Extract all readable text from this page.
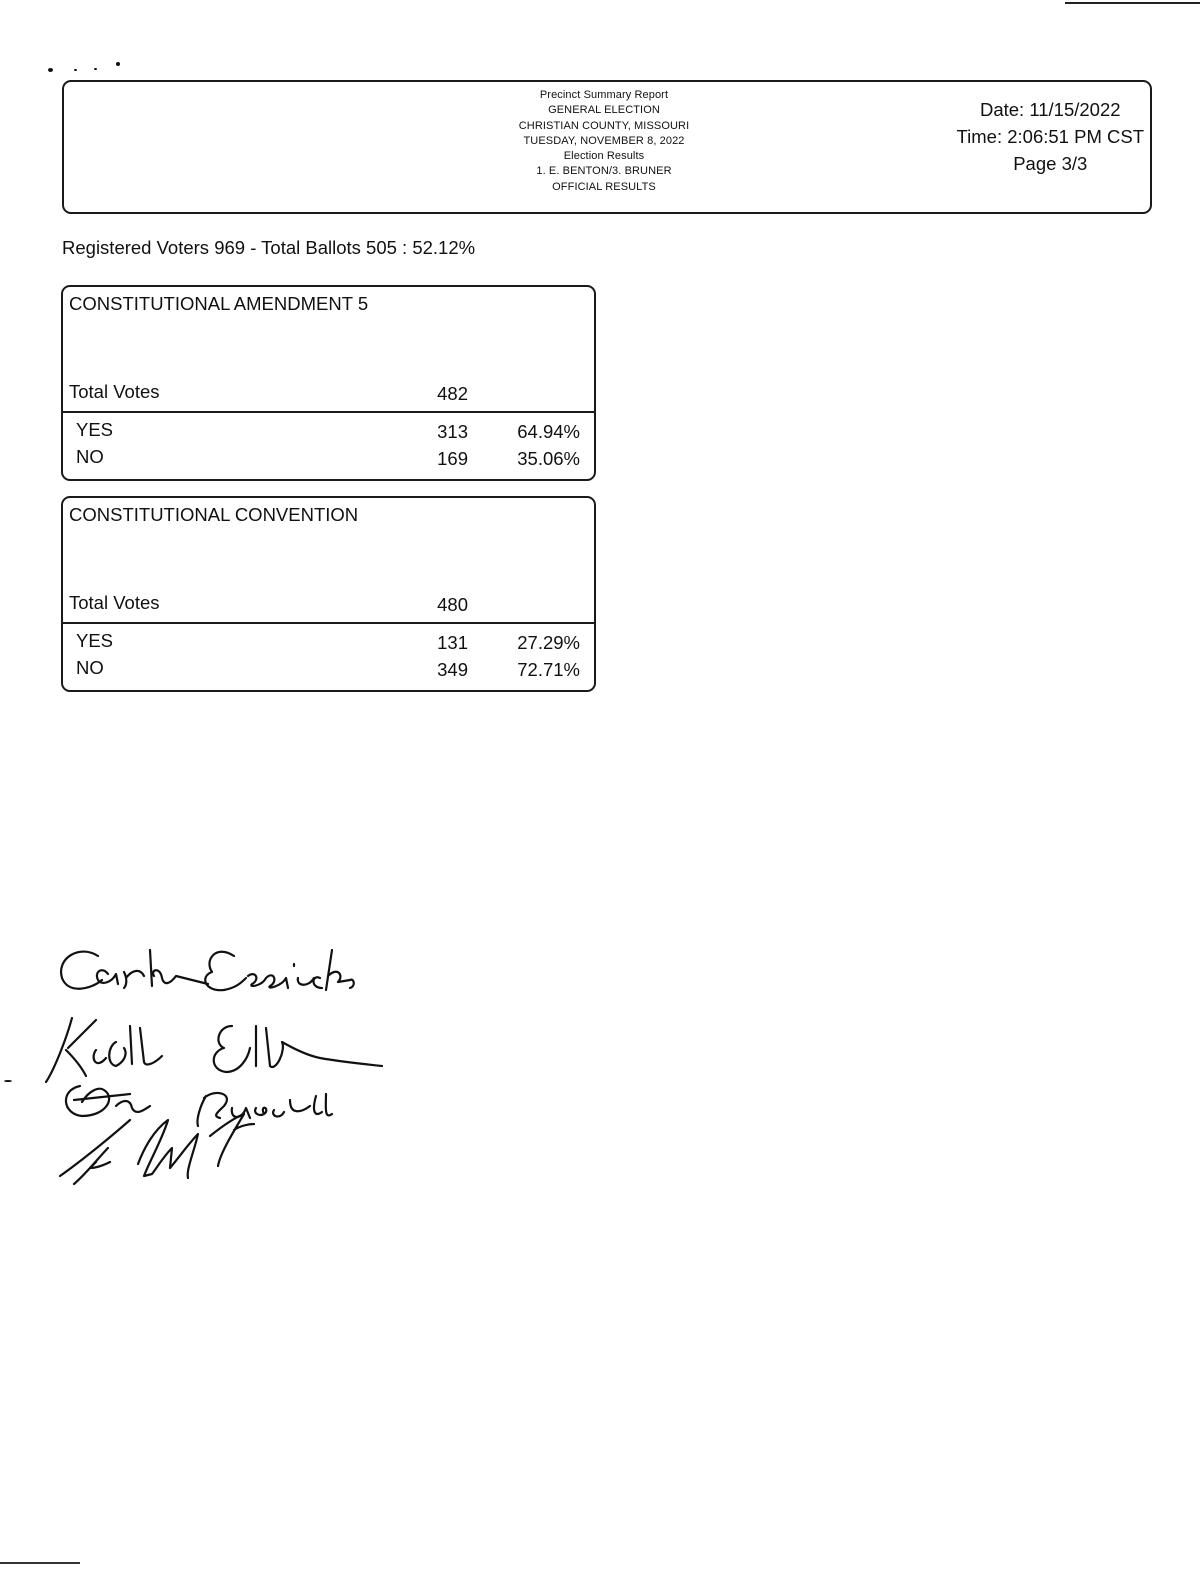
Precinct Summary Report
GENERAL ELECTION
CHRISTIAN COUNTY, MISSOURI
TUESDAY, NOVEMBER 8, 2022
Election Results
1. E. BENTON/3. BRUNER
OFFICIAL RESULTS
Date: 11/15/2022
Time: 2:06:51 PM CST
Page 3/3
Registered Voters 969 - Total Ballots 505 : 52.12%
CONSTITUTIONAL AMENDMENT 5
Total Votes	482
YES	313	64.94%
NO	169	35.06%
CONSTITUTIONAL CONVENTION
Total Votes	480
YES	131	27.29%
NO	349	72.71%
